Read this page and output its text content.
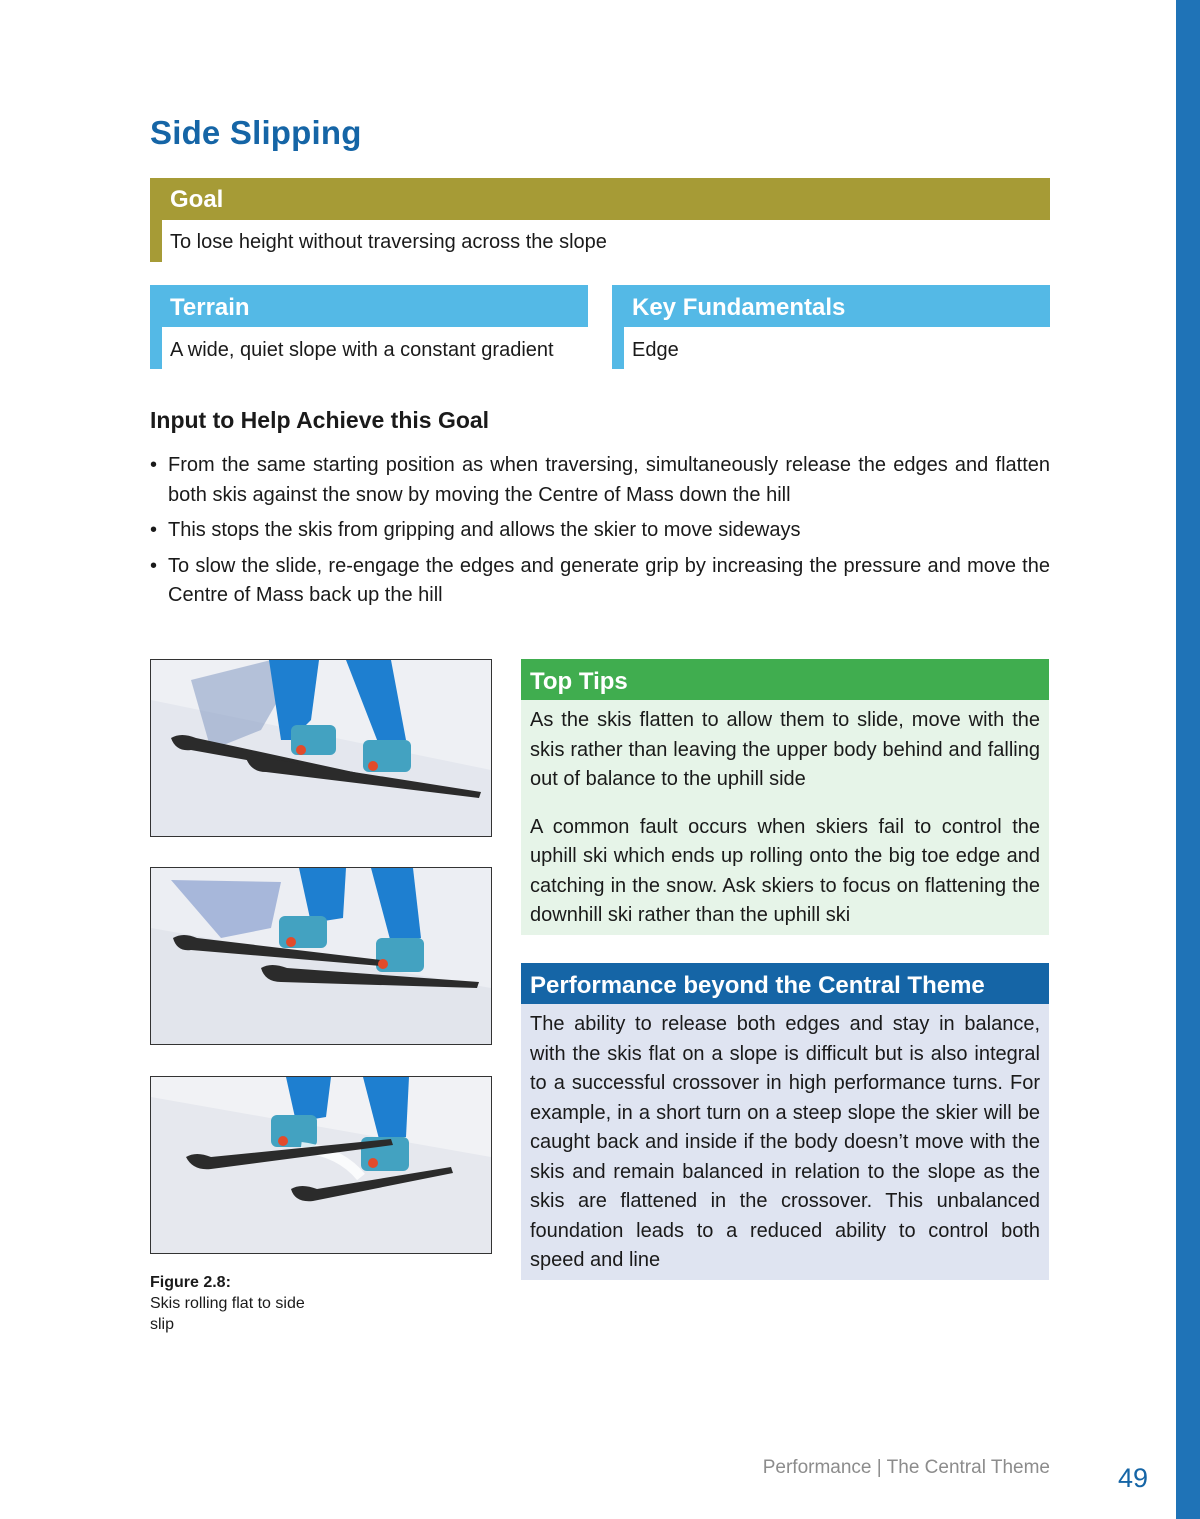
Side Slipping
Goal
To lose height without traversing across the slope
Terrain
A wide, quiet slope with a constant gradient
Key Fundamentals
Edge
Input to Help Achieve this Goal
• From the same starting position as when traversing, simultaneously release the edges and flatten both skis against the snow by moving the Centre of Mass down the hill
• This stops the skis from gripping and allows the skier to move sideways
• To slow the slide, re-engage the edges and generate grip by increasing the pressure and move the Centre of Mass back up the hill
Figure 2.8:
Skis rolling flat to side slip
Top Tips

As the skis flatten to allow them to slide, move with the skis rather than leaving the upper body behind and falling out of balance to the uphill side

A common fault occurs when skiers fail to control the uphill ski which ends up rolling onto the big toe edge and catching in the snow. Ask skiers to focus on flattening the downhill ski rather than the uphill ski

Performance beyond the Central Theme
The ability to release both edges and stay in balance, with the skis flat on a slope is difficult but is also integral to a successful crossover in high performance turns. For example, in a short turn on a steep slope the skier will be caught back and inside if the body doesn’t move with the skis and remain balanced in relation to the slope as the skis are flattened in the crossover. This unbalanced foundation leads to a reduced ability to control both speed and line
Performance | The Central Theme	49
